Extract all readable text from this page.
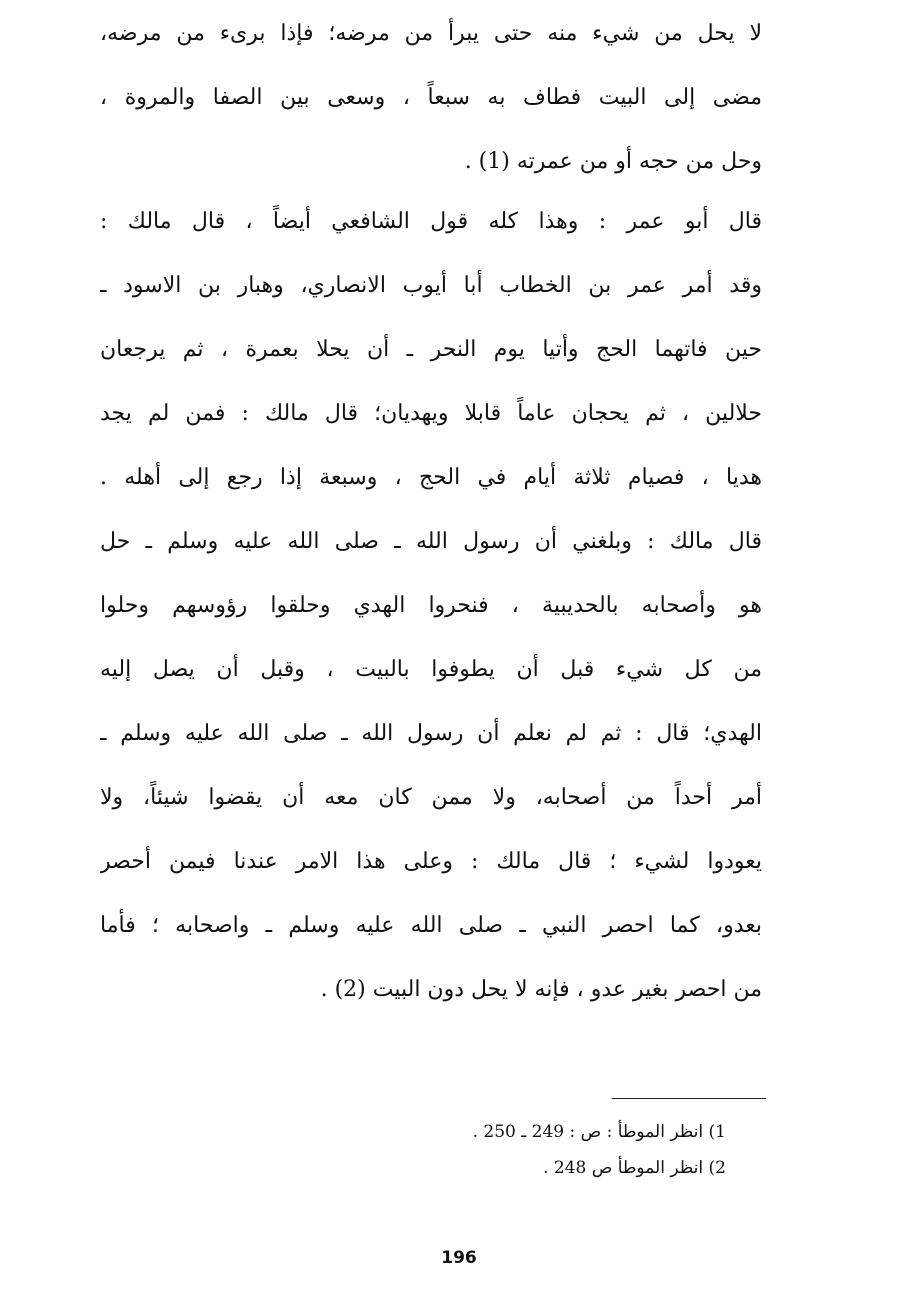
لا يحل من شيء منه حتى يبرأ من مرضه؛ فإذا برىء من مرضه،
مضى إلى البيت فطاف به سبعاً ، وسعى بين الصفا والمروة ،
وحل من حجه أو من عمرته (1) .
قال أبو عمر : وهذا كله قول الشافعي أيضاً ، قال مالك :
وقد أمر عمر بن الخطاب أبا أيوب الانصاري، وهبار بن الاسود ـ
حين فاتهما الحج وأتيا يوم النحر ـ أن يحلا بعمرة ، ثم يرجعان
حلالين ، ثم يحجان عاماً قابلا ويهديان؛ قال مالك : فمن لم يجد
هديا ، فصيام ثلاثة أيام في الحج ، وسبعة إذا رجع إلى أهله .
قال مالك : وبلغني أن رسول الله ـ صلى الله عليه وسلم ـ حل
هو وأصحابه بالحديبية ، فنحروا الهدي وحلقوا رؤوسهم وحلوا
من كل شيء قبل أن يطوفوا بالبيت ، وقبل أن يصل إليه
الهدي؛ قال : ثم لم نعلم أن رسول الله ـ صلى الله عليه وسلم ـ
أمر أحداً من أصحابه، ولا ممن كان معه أن يقضوا شيئاً، ولا
يعودوا لشيء ؛ قال مالك : وعلى هذا الامر عندنا فيمن أحصر
بعدو، كما احصر النبي ـ صلى الله عليه وسلم ـ واصحابه ؛ فأما
من احصر بغير عدو ، فإنه لا يحل دون البيت (2) .
1) انظر الموطأ : ص : 249 ـ 250 .
2) انظر الموطأ ص 248 .
196
